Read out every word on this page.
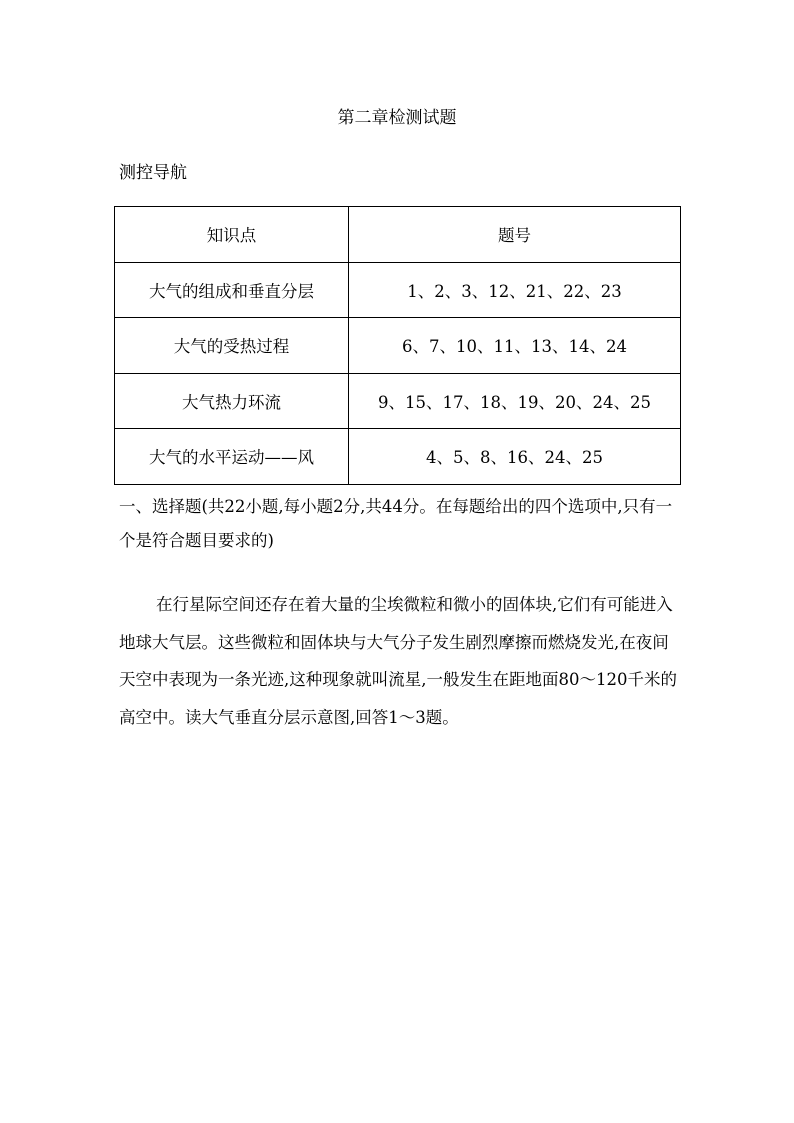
第二章检测试题
测控导航
知识点	题号
大气的组成和垂直分层	1、2、3、12、21、22、23
大气的受热过程	6、7、10、11、13、14、24
大气热力环流	9、15、17、18、19、20、24、25
大气的水平运动——风	4、5、8、16、24、25
一、选择题(共22小题,每小题2分,共44分。在每题给出的四个选项中,只有一个是符合题目要求的)
在行星际空间还存在着大量的尘埃微粒和微小的固体块,它们有可能进入地球大气层。这些微粒和固体块与大气分子发生剧烈摩擦而燃烧发光,在夜间天空中表现为一条光迹,这种现象就叫流星,一般发生在距地面80～120千米的高空中。读大气垂直分层示意图,回答1～3题。
